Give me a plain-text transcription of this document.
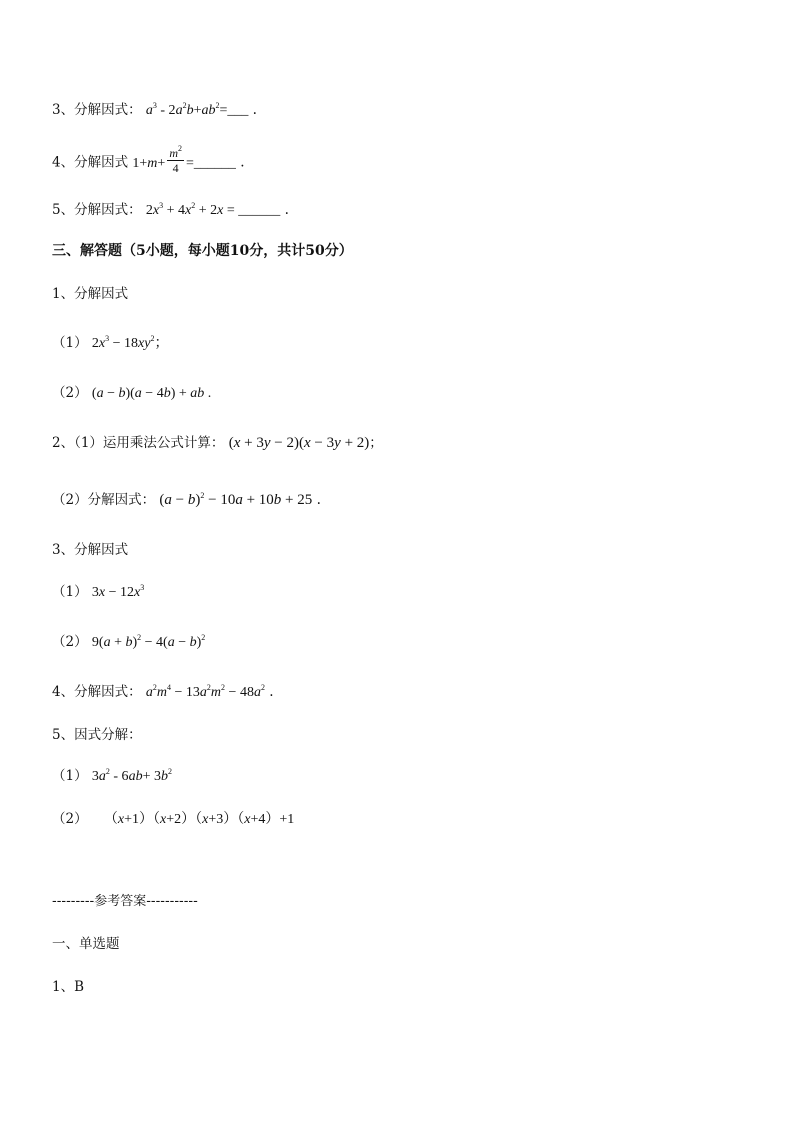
3、分解因式： $a^3$ - $2a^2b+ab^2=\_\_\_$ .
4、分解因式 $1+m+ \frac{m^2}{4}$ =______ .
5、分解因式： $2x^3 + 4x^2 + 2x$ = ______ .
三、解答题（5小题，每小题10分，共计50分）
1、分解因式
（1） $2x^3 - 18xy^2$；
（2） (a − b)(a − 4b) + ab .
2、（1）运用乘法公式计算： (x + 3y − 2)(x − 3y + 2)；
（2）分解因式： $(a - b)^2 - 10a + 10b + 25$ .
3、分解因式
（1） $3x - 12x^3$
（2） $9(a + b)^2 - 4(a - b)^2$
4、分解因式： $a^2m^4 - 13a^2m^2 - 48a^2$ .
5、因式分解：
（1） $3a^2 - 6ab+ 3b^2$
（2） （x+1）（x+2）（x+3）（x+4）+1
---------参考答案-----------
一、单选题
1、B
